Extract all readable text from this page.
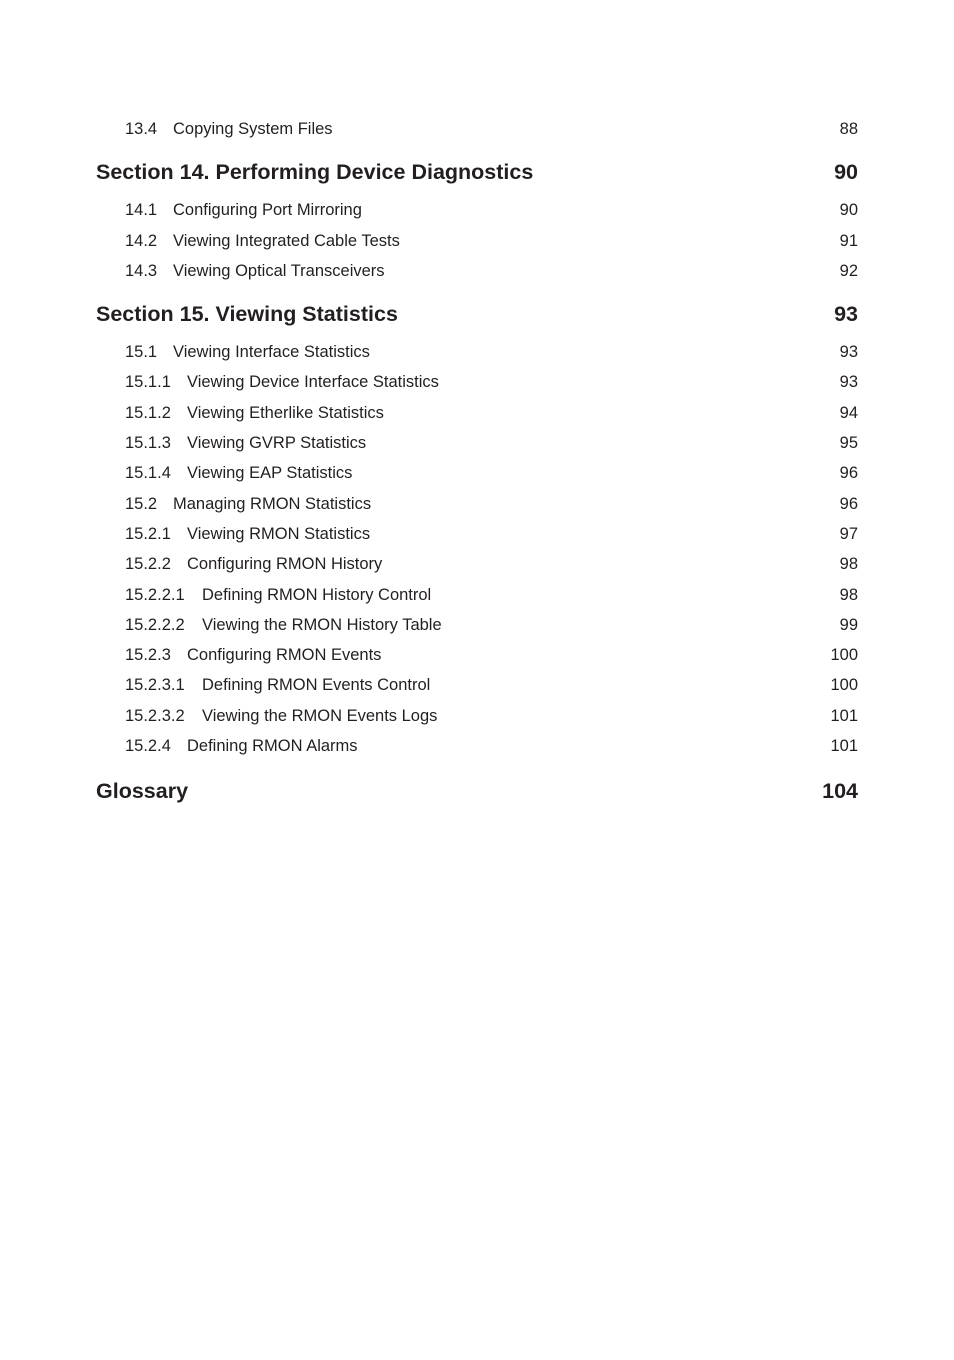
13.4 Copying System Files	88
Section 14. Performing Device Diagnostics	90
14.1 Configuring Port Mirroring	90
14.2 Viewing Integrated Cable Tests	91
14.3 Viewing Optical Transceivers	92
Section 15. Viewing Statistics	93
15.1 Viewing Interface Statistics	93
15.1.1 Viewing Device Interface Statistics	93
15.1.2 Viewing Etherlike Statistics	94
15.1.3 Viewing GVRP Statistics	95
15.1.4 Viewing EAP Statistics	96
15.2 Managing RMON Statistics	96
15.2.1 Viewing RMON Statistics	97
15.2.2 Configuring RMON History	98
15.2.2.1 Defining RMON History Control	98
15.2.2.2 Viewing the RMON History Table	99
15.2.3 Configuring RMON Events	100
15.2.3.1 Defining RMON Events Control	100
15.2.3.2 Viewing the RMON Events Logs	101
15.2.4 Defining RMON Alarms	101
Glossary	104
